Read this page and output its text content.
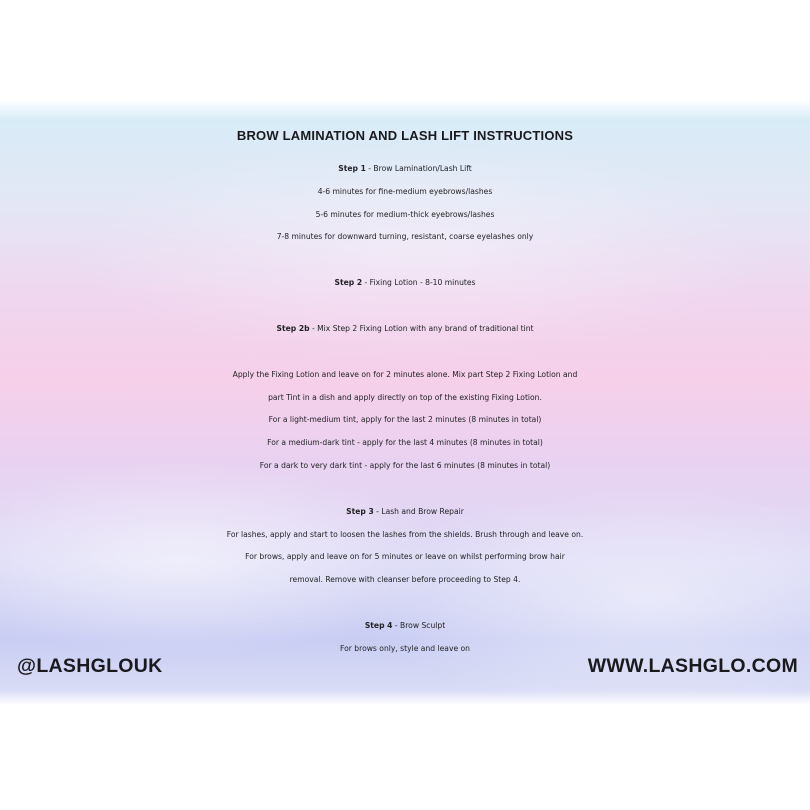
BROW LAMINATION AND LASH LIFT INSTRUCTIONS
Step 1 - Brow Lamination/Lash Lift
4-6 minutes for fine-medium eyebrows/lashes
5-6 minutes for medium-thick eyebrows/lashes
7-8 minutes for downward turning, resistant, coarse eyelashes only
Step 2 - Fixing Lotion - 8-10 minutes
Step 2b - Mix Step 2 Fixing Lotion with any brand of traditional tint
Apply the Fixing Lotion and leave on for 2 minutes alone. Mix part Step 2 Fixing Lotion and
part Tint in a dish and apply directly on top of the existing Fixing Lotion.
For a light-medium tint, apply for the last 2 minutes (8 minutes in total)
For a medium-dark tint - apply for the last 4 minutes (8 minutes in total)
For a dark to very dark tint - apply for the last 6 minutes (8 minutes in total)
Step 3 - Lash and Brow Repair
For lashes, apply and start to loosen the lashes from the shields. Brush through and leave on.
For brows, apply and leave on for 5 minutes or leave on whilst performing brow hair
removal. Remove with cleanser before proceeding to Step 4.
Step 4 - Brow Sculpt
For brows only, style and leave on
@LASHGLOUK	WWW.LASHGLO.COM
